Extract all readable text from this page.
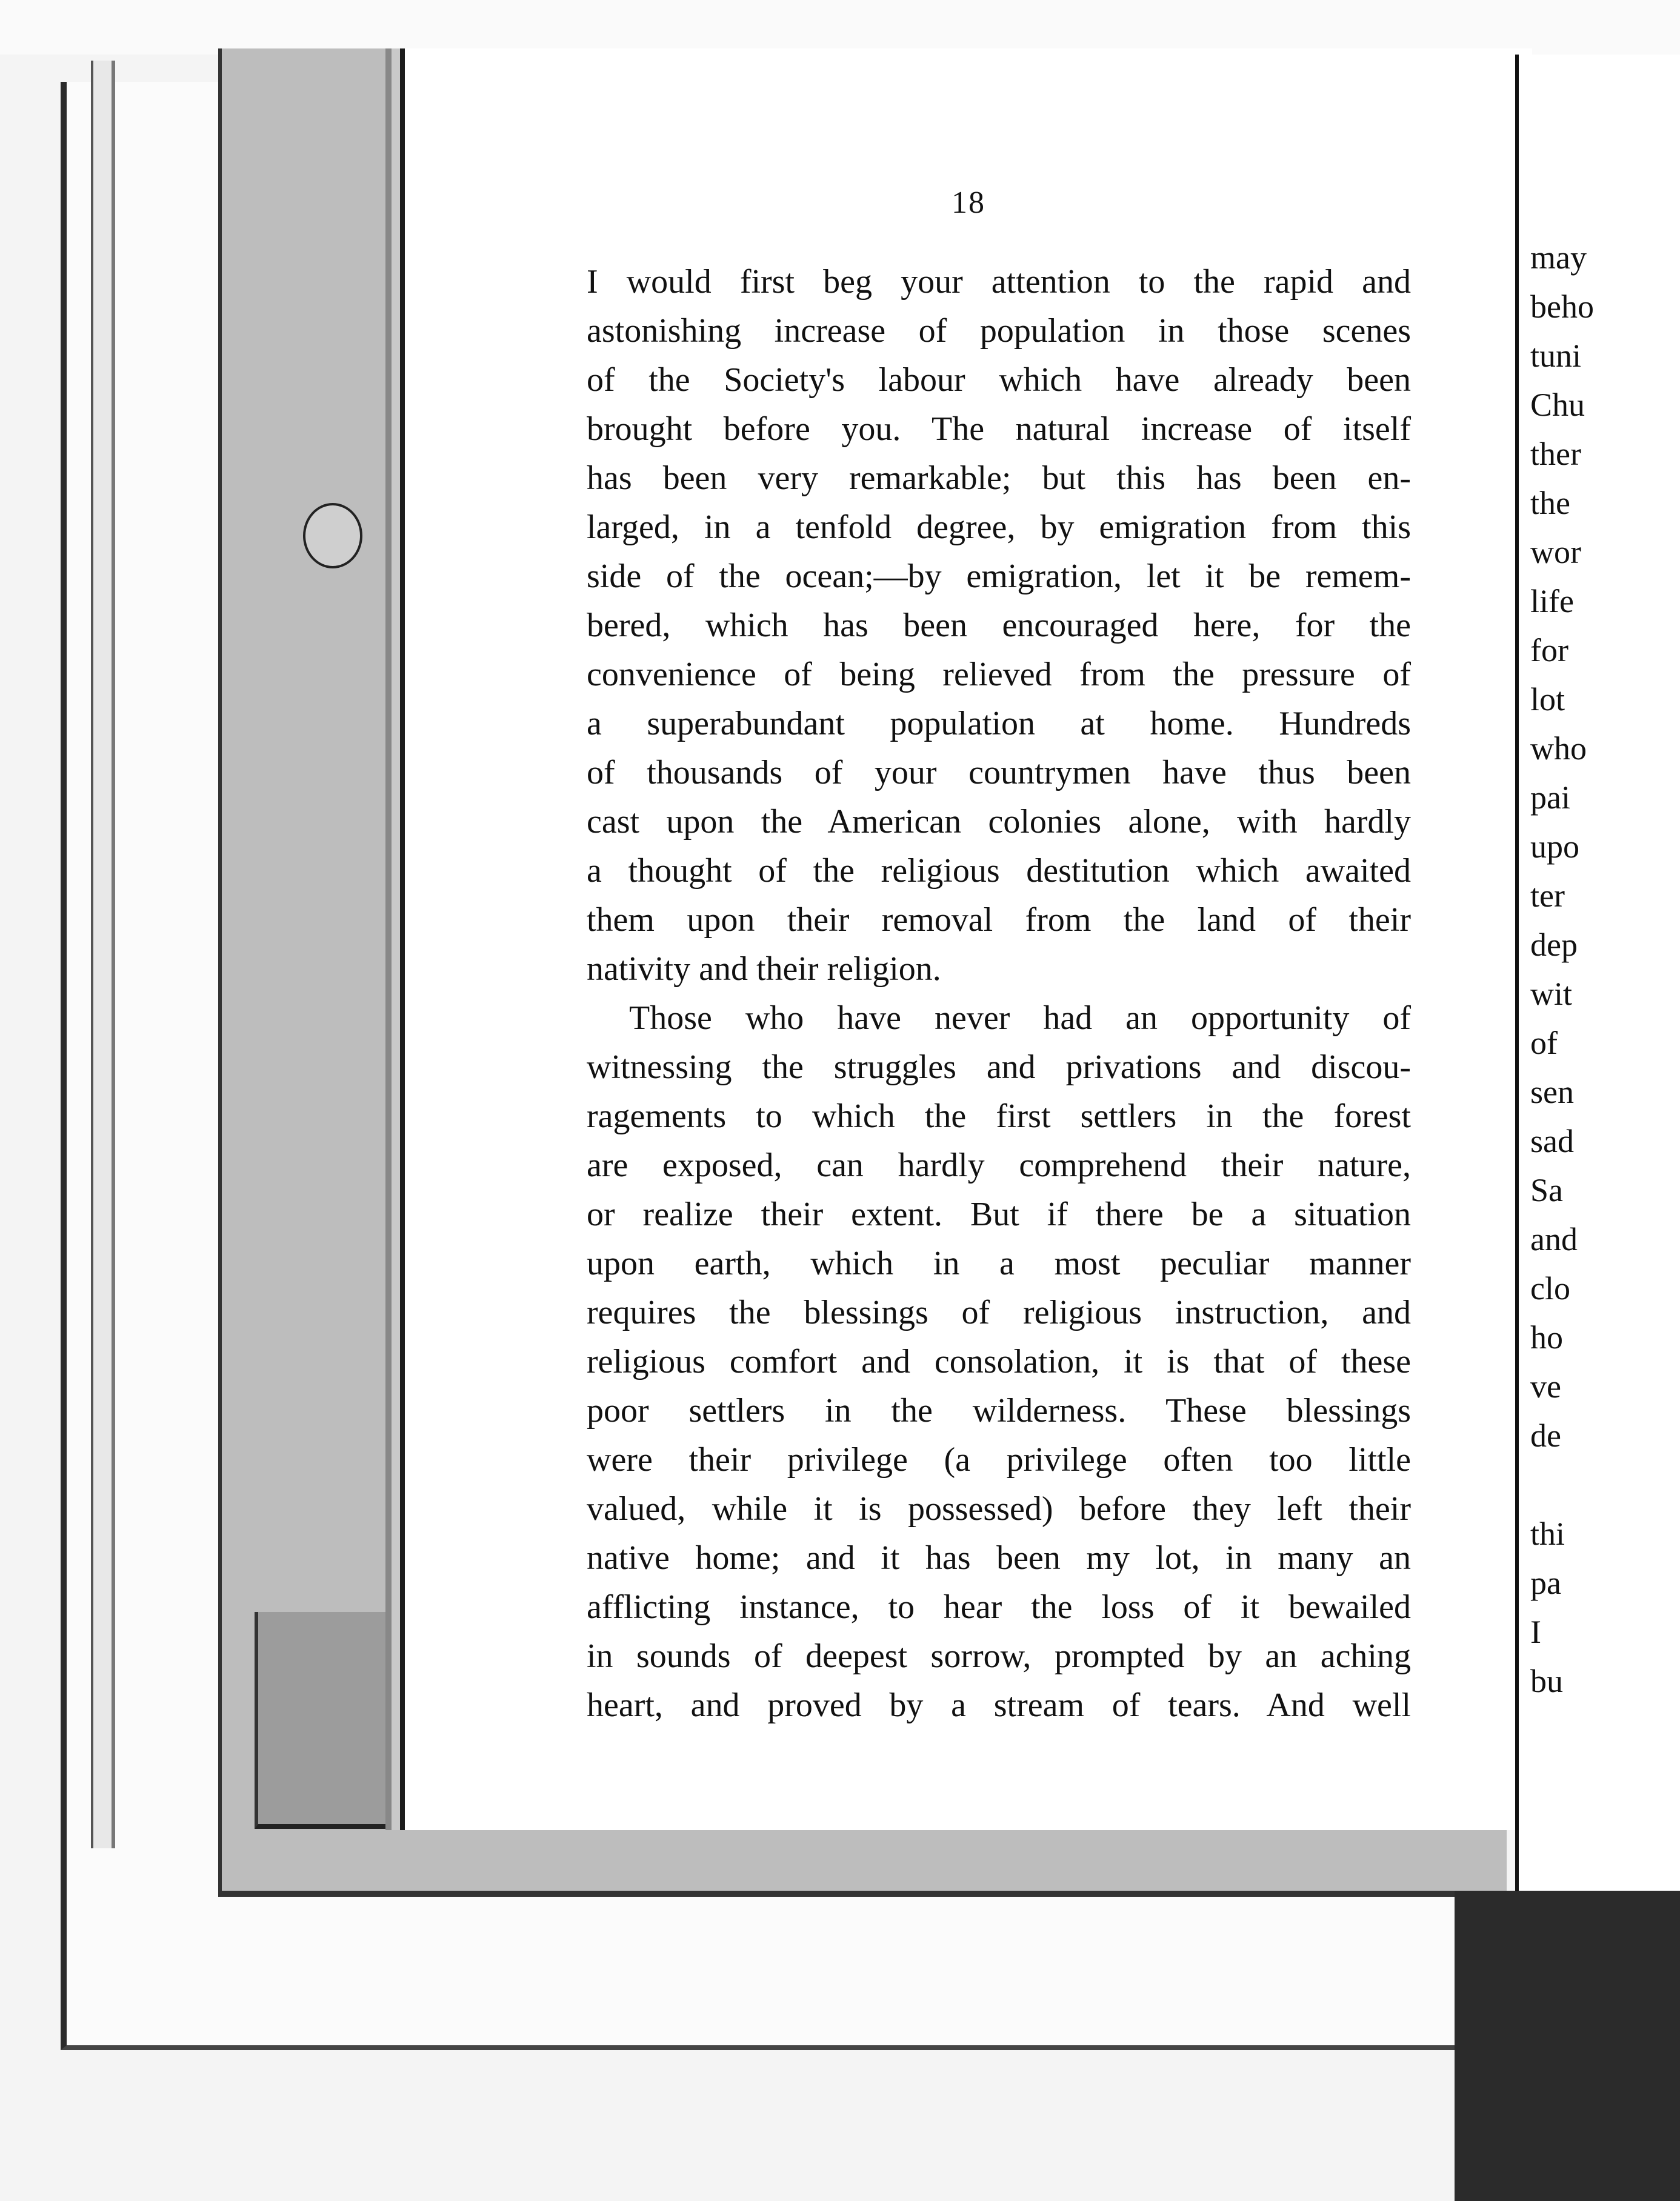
18
I would first beg your attention to the rapid and
astonishing increase of population in those scenes
of the Society's labour which have already been
brought before you. The natural increase of itself
has been very remarkable; but this has been en-
larged, in a tenfold degree, by emigration from this
side of the ocean;—by emigration, let it be remem-
bered, which has been encouraged here, for the
convenience of being relieved from the pressure of
a superabundant population at home. Hundreds
of thousands of your countrymen have thus been
cast upon the American colonies alone, with hardly
a thought of the religious destitution which awaited
them upon their removal from the land of their
nativity and their religion.
Those who have never had an opportunity of
witnessing the struggles and privations and discou-
ragements to which the first settlers in the forest
are exposed, can hardly comprehend their nature,
or realize their extent. But if there be a situation
upon earth, which in a most peculiar manner
requires the blessings of religious instruction, and
religious comfort and consolation, it is that of these
poor settlers in the wilderness. These blessings
were their privilege (a privilege often too little
valued, while it is possessed) before they left their
native home; and it has been my lot, in many an
afflicting instance, to hear the loss of it bewailed
in sounds of deepest sorrow, prompted by an aching
heart, and proved by a stream of tears. And well
may
beho
tuni
Chu
ther
the
wor
life
for
lot
who
pai
upo
ter
dep
wit
of
sen
sad
Sa
and
clo
ho
ve
de
thi
pa
I
bu
